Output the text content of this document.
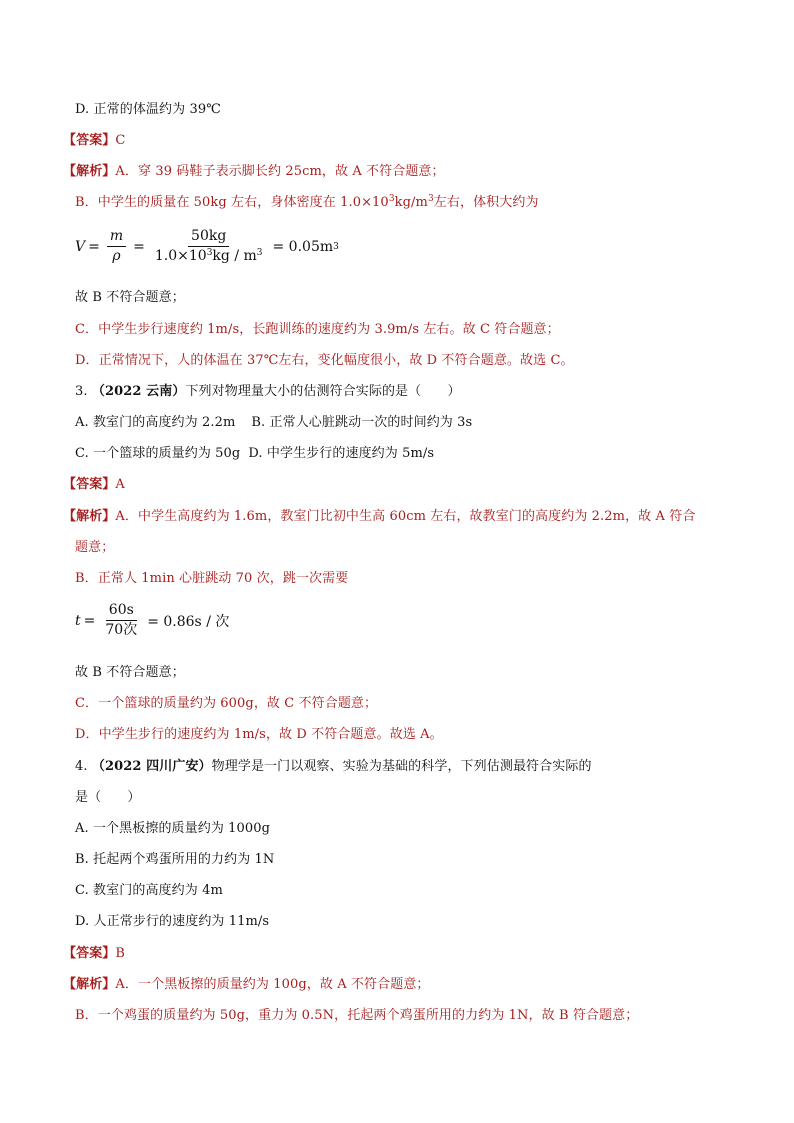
D. 正常的体温约为 39℃
【答案】C
【解析】A．穿 39 码鞋子表示脚长约 25cm，故 A 不符合题意；
B．中学生的质量在 50kg 左右，身体密度在 $1.0\times 10^3kg/m^3$左右，体积大约为
$V = \frac{m}{\rho} = \frac{50kg}{1.0\times 10^3kg / m^3} = 0.05m$ 3
故 B 不符合题意；
C．中学生步行速度约 1m/s，长跑训练的速度约为 3.9m/s 左右。故 C 符合题意；
D．正常情况下，人的体温在 37℃左右，变化幅度很小，故 D 不符合题意。故选 C。
3. （2022 云南）下列对物理量大小的估测符合实际的是（　　）
A. 教室门的高度约为 2.2m B. 正常人心脏跳动一次的时间约为 3s
C. 一个篮球的质量约为 50g D. 中学生步行的速度约为 5m/s
【答案】A
【解析】A．中学生高度约为 1.6m，教室门比初中生高 60cm 左右，故教室门的高度约为 2.2m，故 A 符合
题意；
B．正常人 1min 心脏跳动 70 次，跳一次需要
$t = \frac{60s}{\text{70次}} = 0.86s$ / 次
故 B 不符合题意；
C．一个篮球的质量约为 600g，故 C 不符合题意；
D．中学生步行的速度约为 1m/s，故 D 不符合题意。故选 A。
4. （2022 四川广安）物理学是一门以观察、实验为基础的科学，下列估测最符合实际的
是（　　）
A. 一个黑板擦的质量约为 1000g
B. 托起两个鸡蛋所用的力约为 1N
C. 教室门的高度约为 4m
D. 人正常步行的速度约为 11m/s
【答案】B
【解析】A．一个黑板擦的质量约为 100g，故 A 不符合题意；
B．一个鸡蛋的质量约为 50g，重力为 0.5N，托起两个鸡蛋所用的力约为 1N，故 B 符合题意；
